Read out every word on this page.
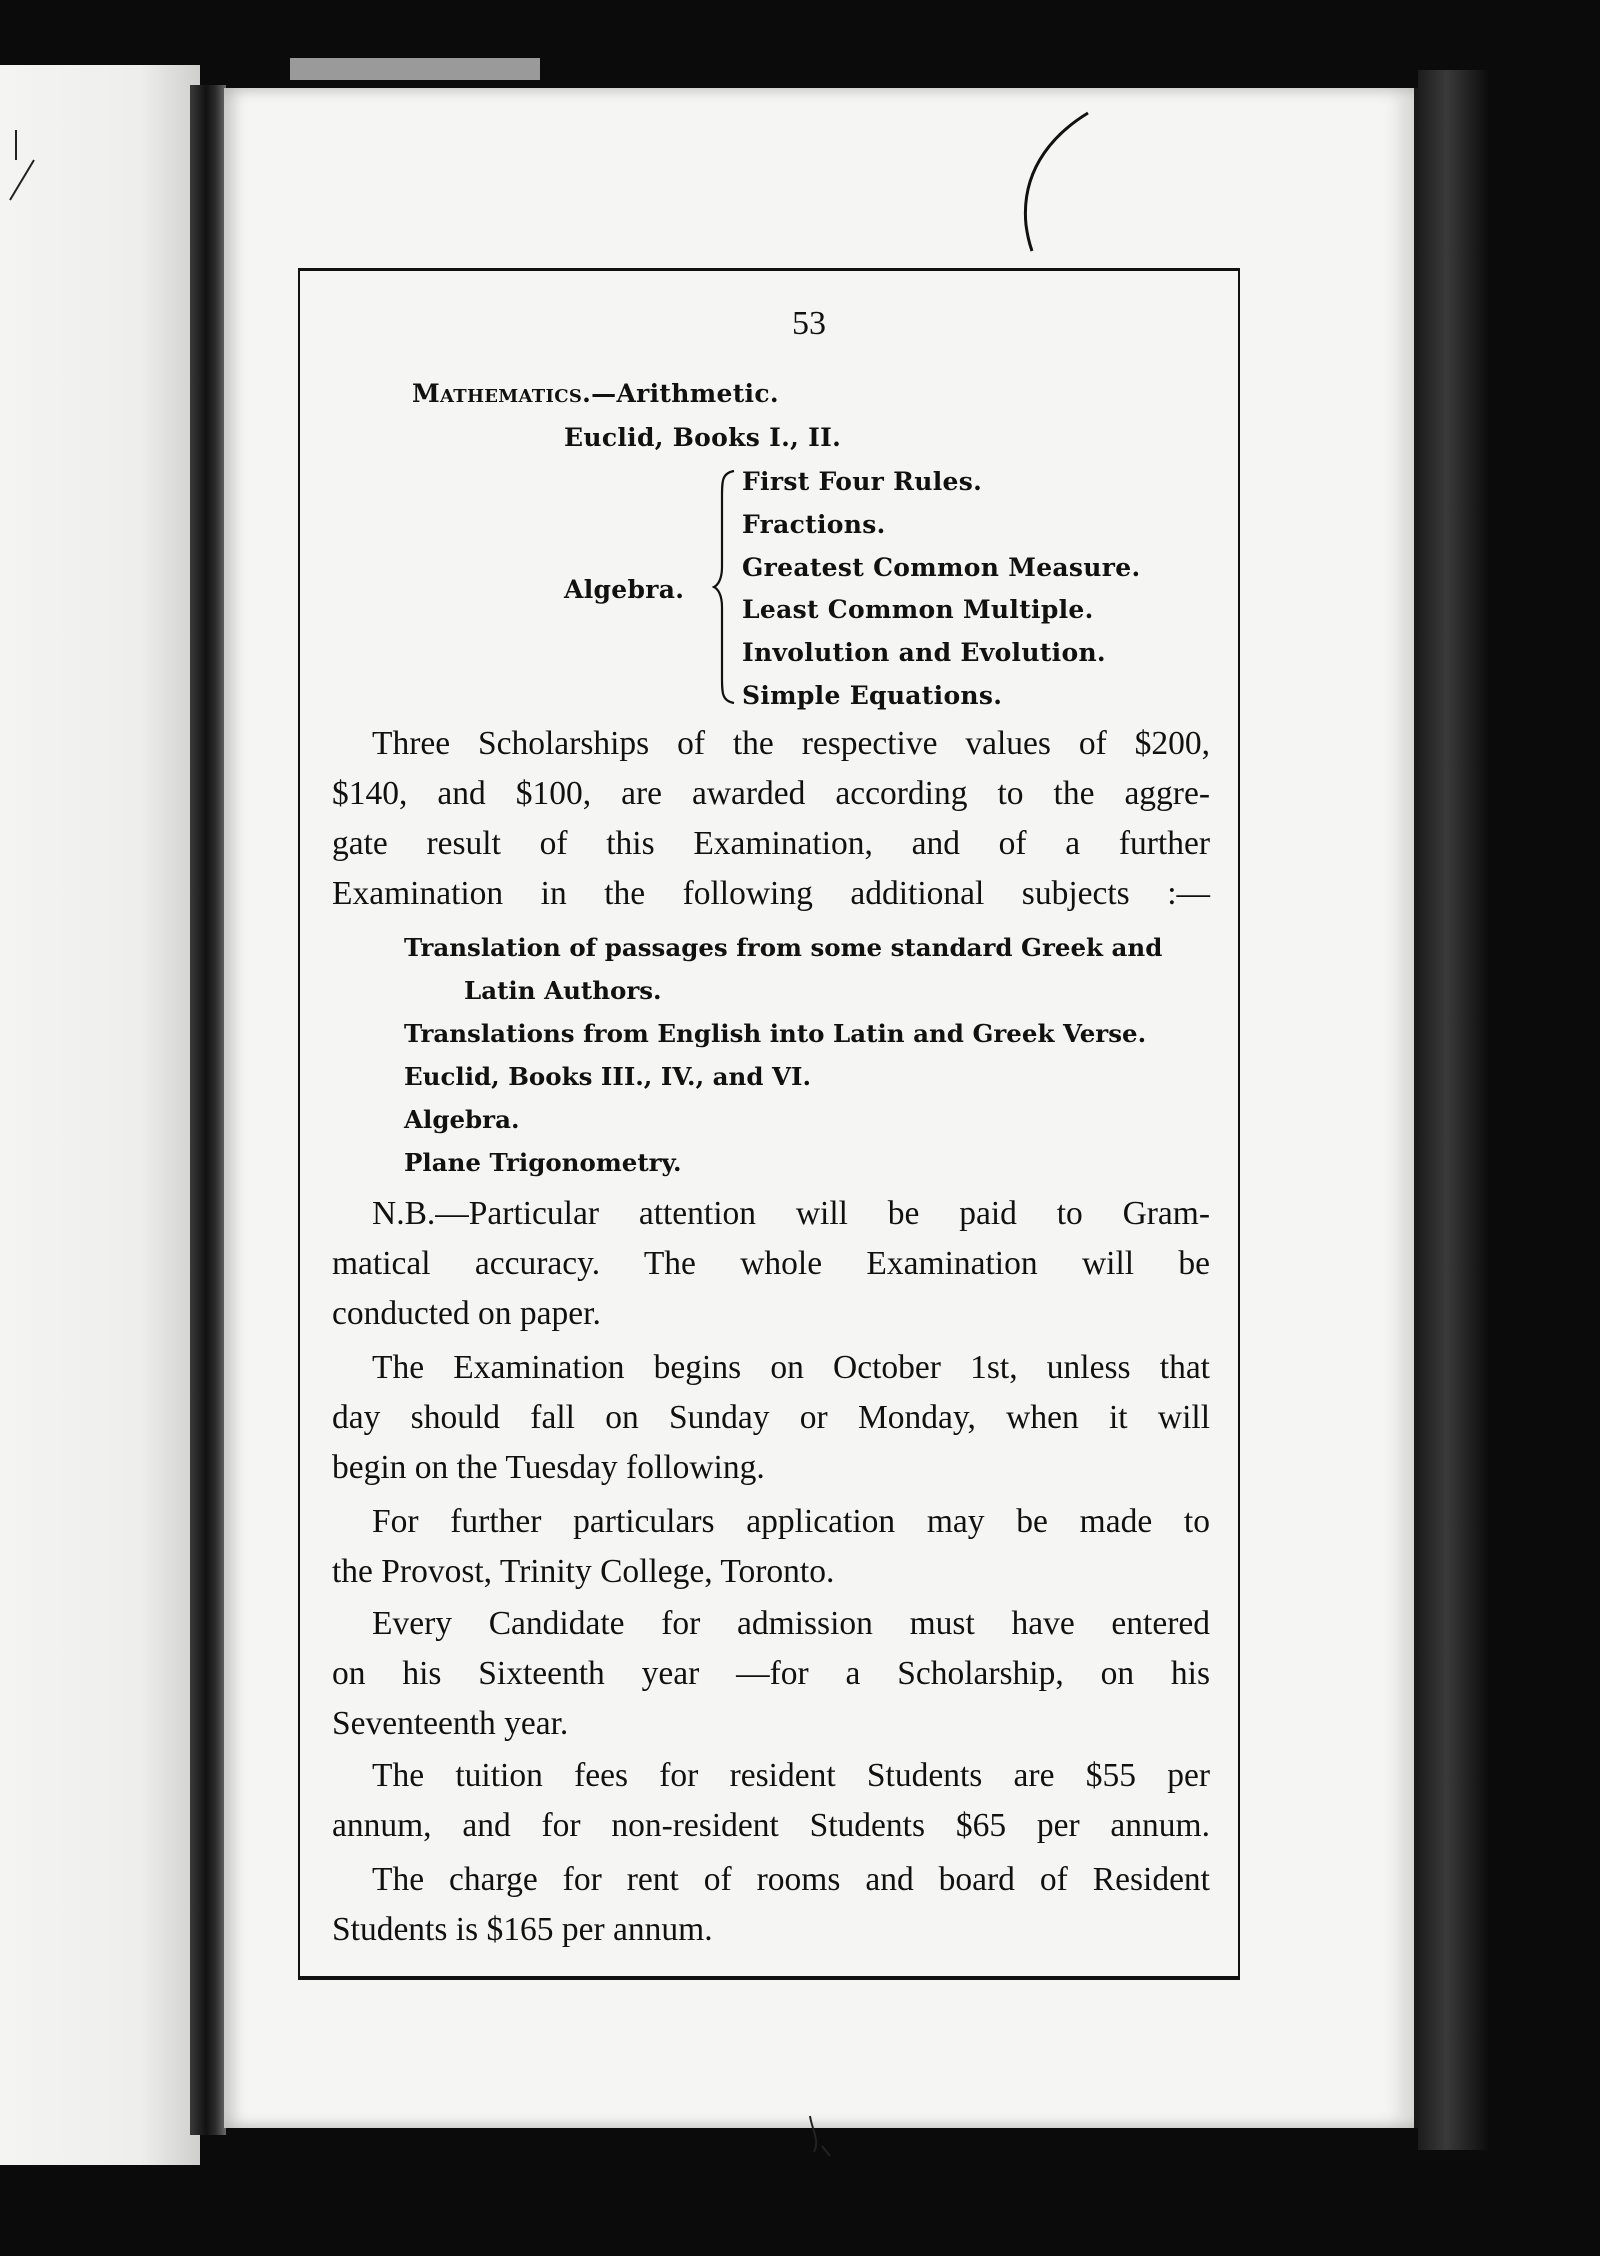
53
Mathematics.—Arithmetic.
Euclid, Books I., II.
Algebra.
First Four Rules.
Fractions.
Greatest Common Measure.
Least Common Multiple.
Involution and Evolution.
Simple Equations.
Three Scholarships of the respective values of $200,
$140, and $100, are awarded according to the aggre-
gate result of this Examination, and of a further
Examination in the following additional subjects :—
Translation of passages from some standard Greek and
Latin Authors.
Translations from English into Latin and Greek Verse.
Euclid, Books III., IV., and VI.
Algebra.
Plane Trigonometry.
N.B.—Particular attention will be paid to Gram-
matical accuracy. The whole Examination will be
conducted on paper.
The Examination begins on October 1st, unless that
day should fall on Sunday or Monday, when it will
begin on the Tuesday following.
For further particulars application may be made to
the Provost, Trinity College, Toronto.
Every Candidate for admission must have entered
on his Sixteenth year —for a Scholarship, on his
Seventeenth year.
The tuition fees for resident Students are $55 per
annum, and for non-resident Students $65 per annum.
The charge for rent of rooms and board of Resident
Students is $165 per annum.
